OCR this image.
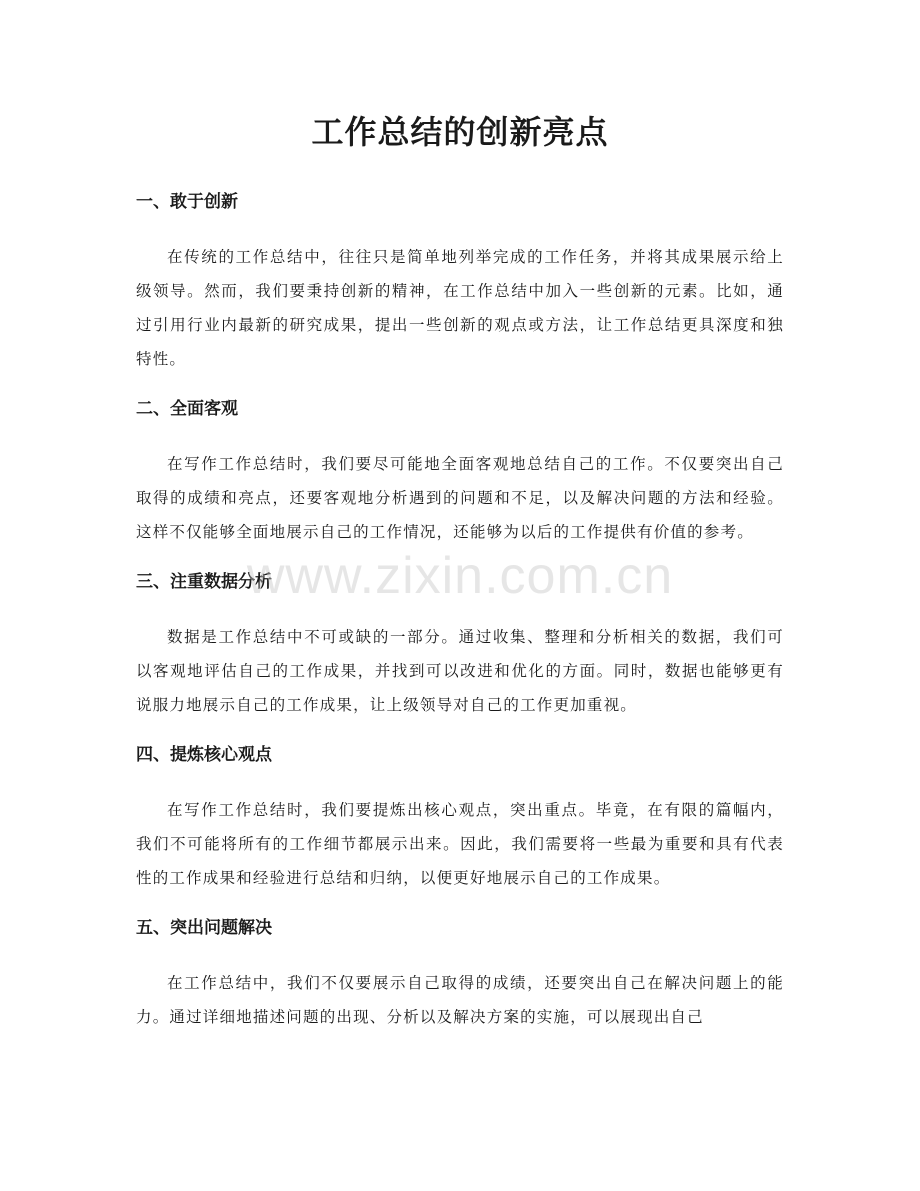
工作总结的创新亮点
一、敢于创新

在传统的工作总结中，往往只是简单地列举完成的工作任务，并将其成果展示给上级领导。然而，我们要秉持创新的精神，在工作总结中加入一些创新的元素。比如，通过引用行业内最新的研究成果，提出一些创新的观点或方法，让工作总结更具深度和独特性。

二、全面客观

在写作工作总结时，我们要尽可能地全面客观地总结自己的工作。不仅要突出自己取得的成绩和亮点，还要客观地分析遇到的问题和不足，以及解决问题的方法和经验。这样不仅能够全面地展示自己的工作情况，还能够为以后的工作提供有价值的参考。

三、注重数据分析

数据是工作总结中不可或缺的一部分。通过收集、整理和分析相关的数据，我们可以客观地评估自己的工作成果，并找到可以改进和优化的方面。同时，数据也能够更有说服力地展示自己的工作成果，让上级领导对自己的工作更加重视。

四、提炼核心观点

在写作工作总结时，我们要提炼出核心观点，突出重点。毕竟，在有限的篇幅内，我们不可能将所有的工作细节都展示出来。因此，我们需要将一些最为重要和具有代表性的工作成果和经验进行总结和归纳，以便更好地展示自己的工作成果。

五、突出问题解决

在工作总结中，我们不仅要展示自己取得的成绩，还要突出自己在解决问题上的能力。通过详细地描述问题的出现、分析以及解决方案的实施，可以展现出自己

www.zixin.com.cn
